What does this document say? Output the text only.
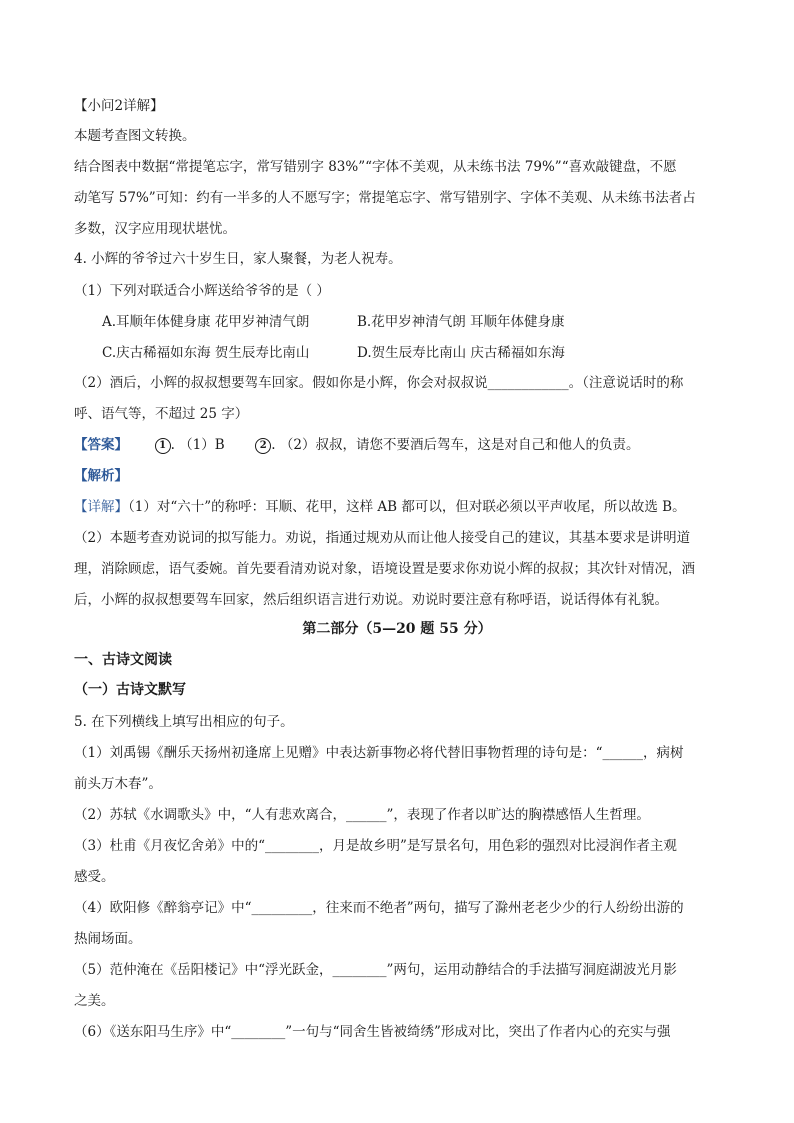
【小问2详解】
本题考查图文转换。
结合图表中数据“常提笔忘字，常写错别字 83%”“字体不美观，从未练书法 79%”“喜欢敲键盘，不愿
动笔写 57%”可知：约有一半多的人不愿写字；常提笔忘字、常写错别字、字体不美观、从未练书法者占
多数，汉字应用现状堪忧。
4. 小辉的爷爷过六十岁生日，家人聚餐，为老人祝寿。
（1）下列对联适合小辉送给爷爷的是（ ）
A.耳顺年体健身康 花甲岁神清气朗	B.花甲岁神清气朗 耳顺年体健身康
C.庆古稀福如东海 贺生辰寿比南山	D.贺生辰寿比南山 庆古稀福如东海
（2）酒后，小辉的叔叔想要驾车回家。假如你是小辉，你会对叔叔说____________。（注意说话时的称
呼、语气等，不超过 25 字）
【答案】	1 . （1）B	2 . （2）叔叔，请您不要酒后驾车，这是对自己和他人的负责。
【解析】
【详解】（1）对“六十”的称呼：耳顺、花甲，这样 AB 都可以，但对联必须以平声收尾，所以故选 B。
（2）本题考查劝说词的拟写能力。劝说，指通过规劝从而让他人接受自己的建议，其基本要求是讲明道
理，消除顾虑，语气委婉。首先要看清劝说对象，语境设置是要求你劝说小辉的叔叔；其次针对情况，酒
后，小辉的叔叔想要驾车回家，然后组织语言进行劝说。劝说时要注意有称呼语，说话得体有礼貌。
第二部分（5—20 题 55 分）
一、古诗文阅读
（一）古诗文默写
5. 在下列横线上填写出相应的句子。
（1）刘禹锡《酬乐天扬州初逢席上见赠》中表达新事物必将代替旧事物哲理的诗句是：“______，病树
前头万木春”。
（2）苏轼《水调歌头》中，“人有悲欢离合，______”，表现了作者以旷达的胸襟感悟人生哲理。
（3）杜甫《月夜忆舍弟》中的“________，月是故乡明”是写景名句，用色彩的强烈对比浸润作者主观
感受。
（4）欧阳修《醉翁亭记》中“_________，往来而不绝者”两句，描写了滁州老老少少的行人纷纷出游的
热闹场面。
（5）范仲淹在《岳阳楼记》中“浮光跃金，________”两句，运用动静结合的手法描写洞庭湖波光月影
之美。
（6）《送东阳马生序》中“________”一句与“同舍生皆被绮绣”形成对比，突出了作者内心的充实与强
